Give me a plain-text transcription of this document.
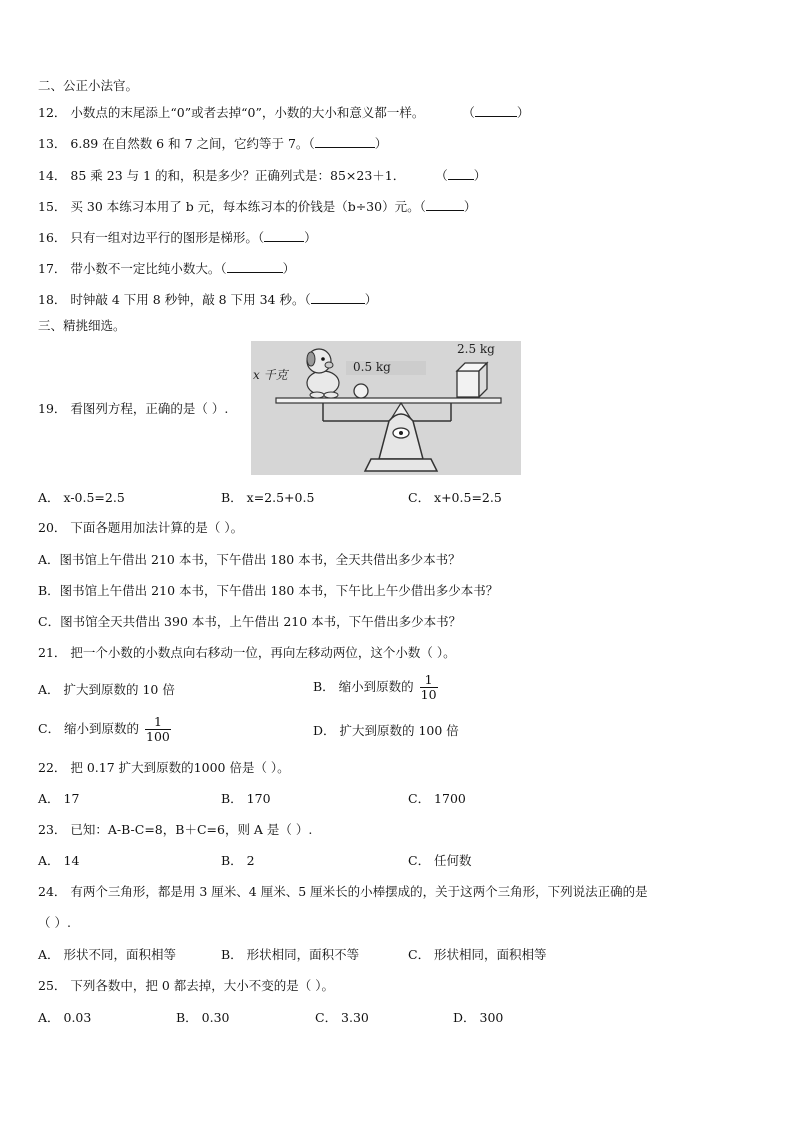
二、公正小法官。
12． 小数点的末尾添上“0”或者去掉“0”，小数的大小和意义都一样。	（	）
13． 6.89 在自然数 6 和 7 之间，它约等于 7。（	）
14． 85 乘 23 与 1 的和，积是多少？正确列式是：85×23＋1． （ ）
15． 买 30 本练习本用了 b 元，每本练习本的价钱是（b÷30）元。（	）
16． 只有一组对边平行的图形是梯形。（	）
17． 带小数不一定比纯小数大。（	）
18． 时钟敲 4 下用 8 秒钟，敲 8 下用 34 秒。（	）
三、精挑细选。
19． 看图列方程，正确的是（ ）.
x 千克
0.5 kg
2.5 kg
A． x-0.5=2.5	B． x=2.5+0.5	C． x+0.5=2.5
20． 下面各题用加法计算的是（ ）。
A．图书馆上午借出 210 本书，下午借出 180 本书，全天共借出多少本书？
B．图书馆上午借出 210 本书，下午借出 180 本书，下午比上午少借出多少本书？
C．图书馆全天共借出 390 本书，上午借出 210 本书，下午借出多少本书？
21． 把一个小数的小数点向右移动一位，再向左移动两位，这个小数（ ）。
A． 扩大到原数的 10 倍	B． 缩小到原数的 $\frac{1}{10}$
C． 缩小到原数的 $\frac{1}{100}$	D． 扩大到原数的 100 倍
22． 把 0.17 扩大到原数的1000 倍是（ ）。
A． 17	B． 170	C． 1700
23． 已知：A-B-C=8，B＋C=6，则 A 是（ ）.
A． 14	B． 2	C． 任何数
24． 有两个三角形，都是用 3 厘米、4 厘米、5 厘米长的小棒摆成的，关于这两个三角形，下列说法正确的是
（ ）.
A． 形状不同，面积相等	B． 形状相同，面积不等	C． 形状相同，面积相等
25． 下列各数中，把 0 都去掉，大小不变的是（ ）。
A． 0.03	B． 0.30	C． 3.30	D． 300
